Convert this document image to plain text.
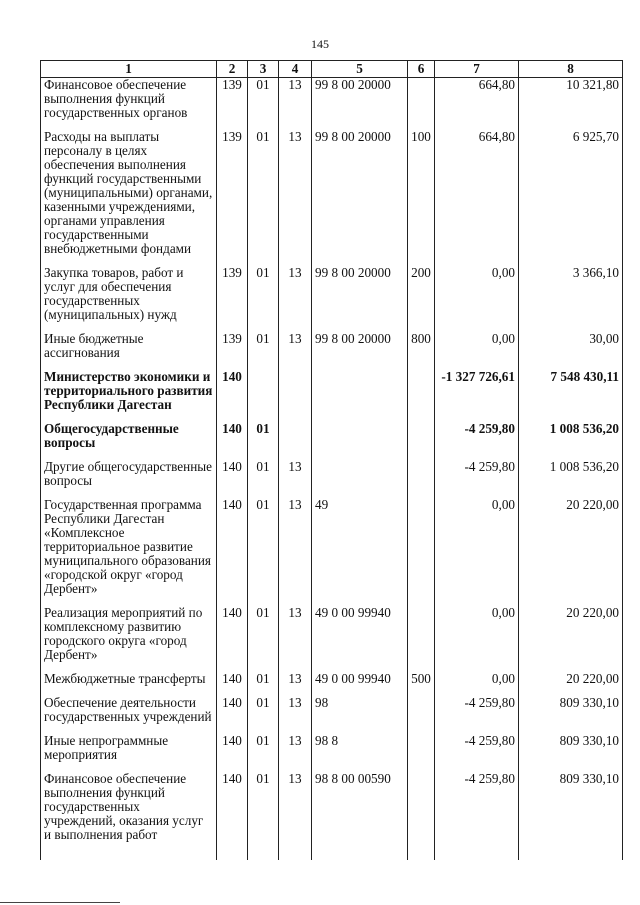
145
1	2	3	4	5	6	7	8
Финансовое обеспечение выполнения функций государственных органов	139	01	13	99 8 00 20000		664,80	10 321,80
Расходы на выплаты персоналу в целях обеспечения выполнения функций государственными (муниципальными) органами, казенными учреждениями, органами управления государственными внебюджетными фондами	139	01	13	99 8 00 20000	100	664,80	6 925,70
Закупка товаров, работ и услуг для обеспечения государственных (муниципальных) нужд	139	01	13	99 8 00 20000	200	0,00	3 366,10
Иные бюджетные ассигнования	139	01	13	99 8 00 20000	800	0,00	30,00
Министерство экономики и территориального развития Республики Дагестан	140					-1 327 726,61	7 548 430,11
Общегосударственные вопросы	140	01				-4 259,80	1 008 536,20
Другие общегосударственные вопросы	140	01	13			-4 259,80	1 008 536,20
Государственная программа Республики Дагестан «Комплексное территориальное развитие муниципального образования «городской округ «город Дербент»	140	01	13	49		0,00	20 220,00
Реализация мероприятий по комплексному развитию городского округа «город Дербент»	140	01	13	49 0 00 99940		0,00	20 220,00
Межбюджетные трансферты	140	01	13	49 0 00 99940	500	0,00	20 220,00
Обеспечение деятельности государственных учреждений	140	01	13	98		-4 259,80	809 330,10
Иные непрограммные мероприятия	140	01	13	98 8		-4 259,80	809 330,10
Финансовое обеспечение выполнения функций государственных учреждений, оказания услуг и выполнения работ	140	01	13	98 8 00 00590		-4 259,80	809 330,10
